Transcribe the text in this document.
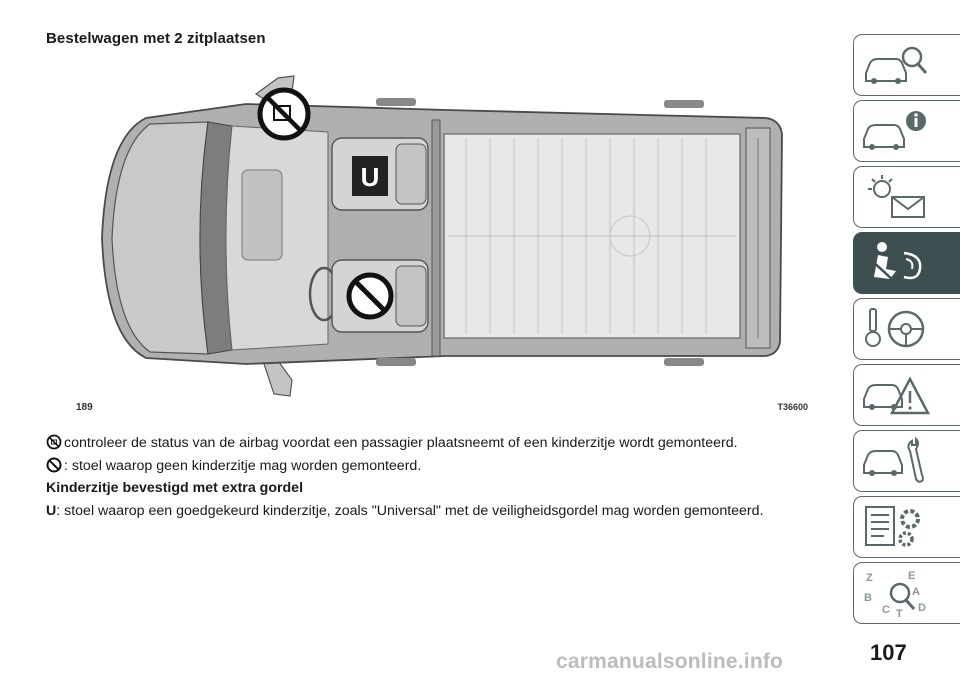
Bestelwagen met 2 zitplaatsen
U
189	T36600
controleer de status van de airbag voordat een passagier plaatsneemt of een kinderzitje wordt gemonteerd.
: stoel waarop geen kinderzitje mag worden gemonteerd.
Kinderzitje bevestigd met extra gordel
U: stoel waarop een goedgekeurd kinderzitje, zoals "Universal" met de veiligheidsgordel mag worden gemonteerd.
Z	E
B
C	D
A
T
107
carmanualsonline.info
